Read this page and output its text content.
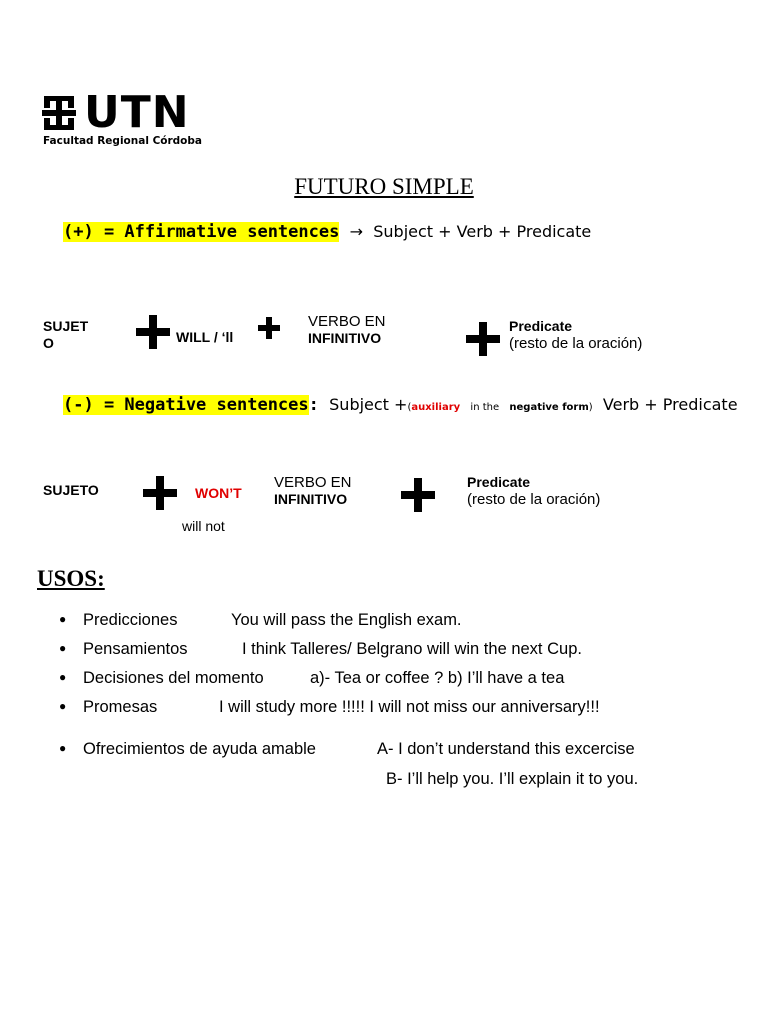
UTN
Facultad Regional Córdoba
FUTURO SIMPLE
(+) = Affirmative sentences → Subject + Verb + Predicate
SUJET
O	WILL / ‘ll
VERBO EN
INFINITIVO
Predicate
(resto de la oración)
(-) = Negative sentences: Subject +(auxiliary in the negative form) Verb + Predicate
SUJETO	WON’T
will not
VERBO EN
INFINITIVO
Predicate
(resto de la oración)
USOS:
● Predicciones	You will pass the English exam.
● Pensamientos	I think Talleres/ Belgrano will win the next Cup.
● Decisiones del momento	a)- Tea or coffee ? b) I’ll have a tea
● Promesas	I will study more !!!!! I will not miss our anniversary!!!
● Ofrecimientos de ayuda amable	A- I don’t understand this excercise
B- I’ll help you. I’ll explain it to you.
